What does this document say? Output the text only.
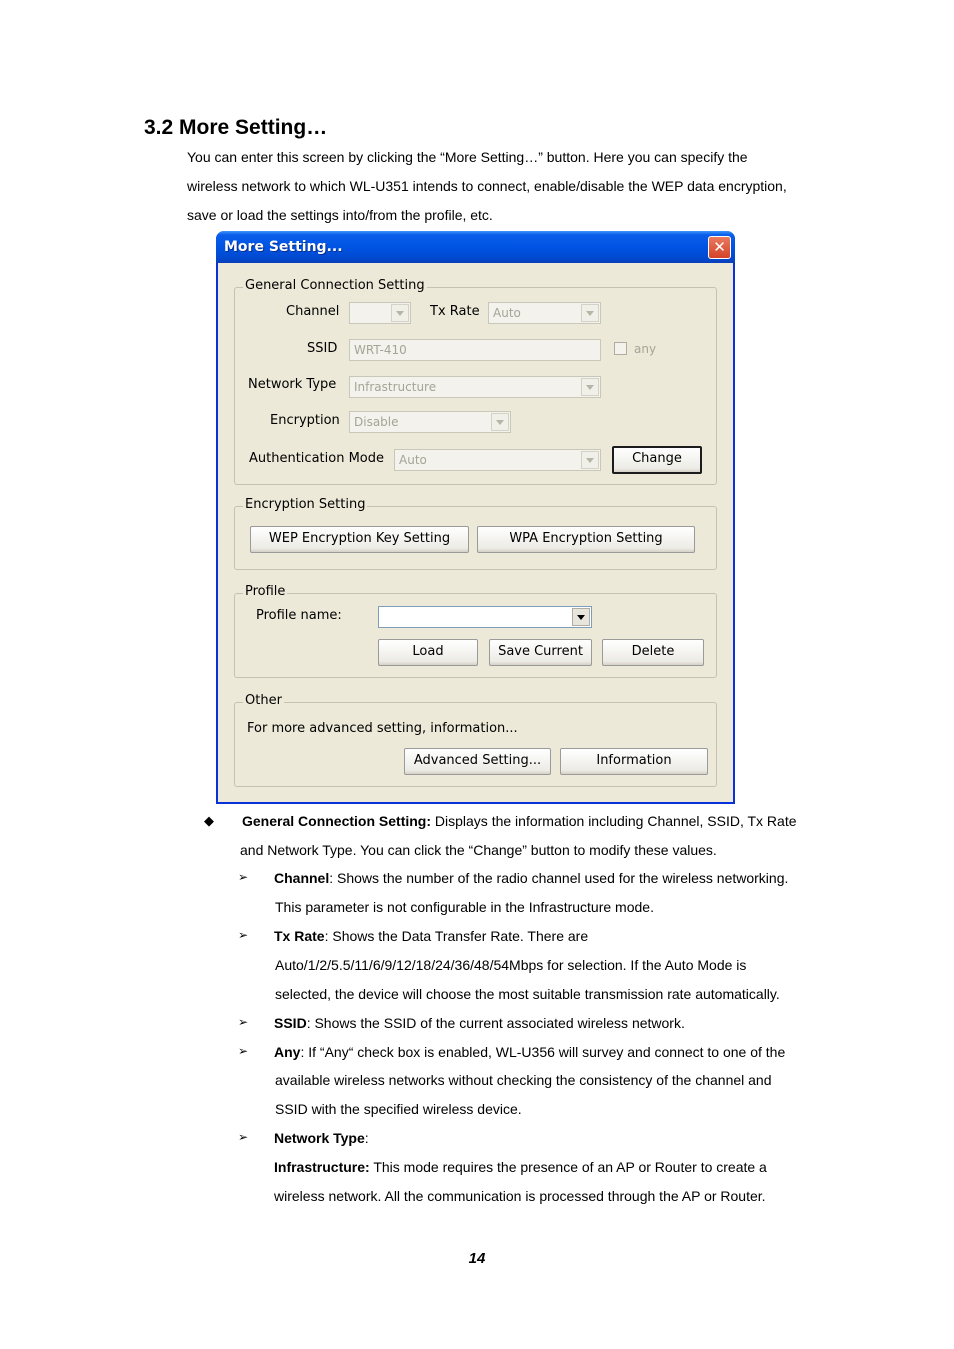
3.2 More Setting…
You can enter this screen by clicking the “More Setting…” button. Here you can specify the
wireless network to which WL-U351 intends to connect, enable/disable the WEP data encryption,
save or load the settings into/from the profile, etc.
More Setting...	✕
General Connection Setting
Channel	Tx Rate	Auto
SSID	WRT-410	any
Network Type	Infrastructure
Encryption	Disable
Authentication Mode	Auto	Change
Encryption Setting
WEP Encryption Key Setting	WPA Encryption Setting
Profile
Profile name:
Load	Save Current	Delete
Other
For more advanced setting, information...
Advanced Setting...	Information
◆ General Connection Setting: Displays the information including Channel, SSID, Tx Rate
and Network Type. You can click the “Change” button to modify these values.
➢ Channel: Shows the number of the radio channel used for the wireless networking.
This parameter is not configurable in the Infrastructure mode.
➢ Tx Rate: Shows the Data Transfer Rate. There are
Auto/1/2/5.5/11/6/9/12/18/24/36/48/54Mbps for selection. If the Auto Mode is
selected, the device will choose the most suitable transmission rate automatically.
➢ SSID: Shows the SSID of the current associated wireless network.
➢ Any: If “Any“ check box is enabled, WL-U356 will survey and connect to one of the
available wireless networks without checking the consistency of the channel and
SSID with the specified wireless device.
➢ Network Type:
Infrastructure: This mode requires the presence of an AP or Router to create a
wireless network. All the communication is processed through the AP or Router.
14
